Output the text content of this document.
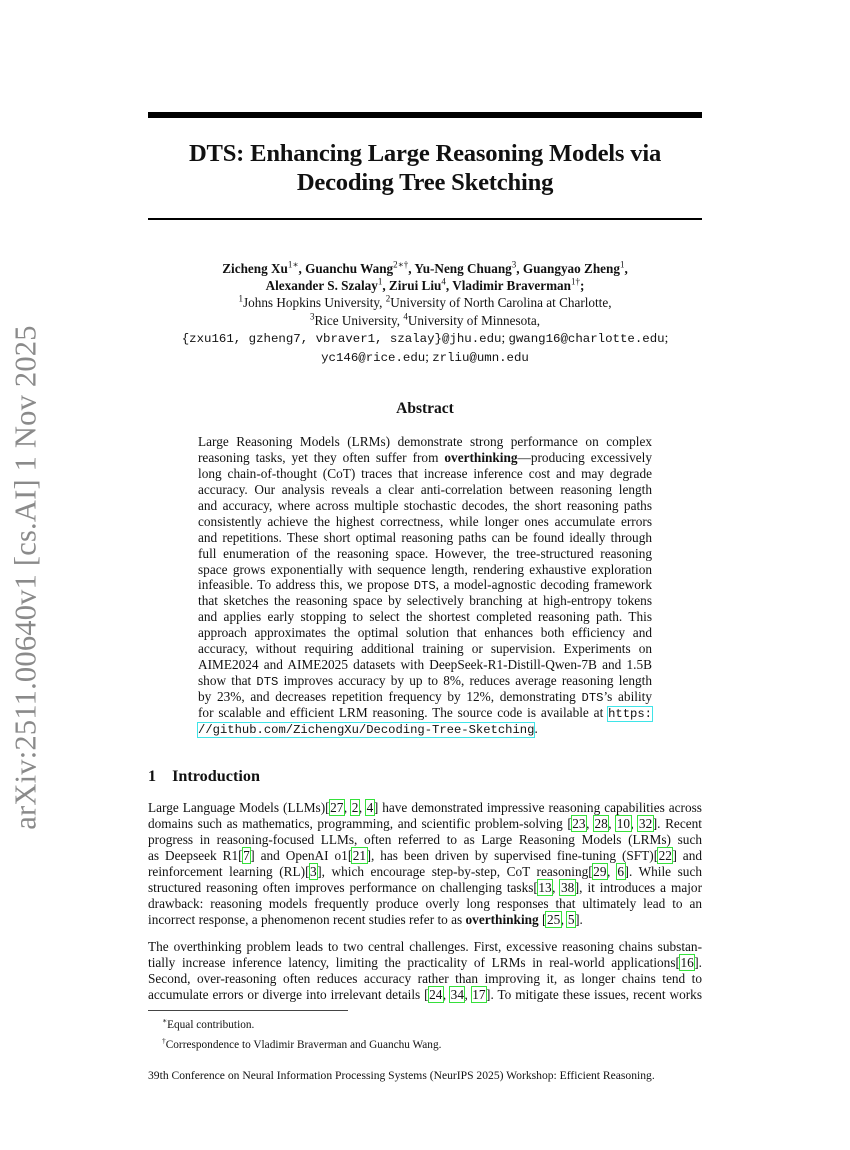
arXiv:2511.00640v1 [cs.AI] 1 Nov 2025
DTS: Enhancing Large Reasoning Models via
Decoding Tree Sketching
Zicheng $Xu^{1∗}$, Guanchu Wang$^{2∗\dagger}$, Yu-Neng Chuang$^3$, Guangyao Zheng$^1$,
Alexander S. Szalay$^1$, Zirui Liu$^4$, Vladimir Braverman$^{1\dagger}$;
$^1$Johns Hopkins University, $^2$University of North Carolina at Charlotte,
$^3$Rice University, $^4$University of Minnesota,
{zxu161, gzheng7, vbraver1, szalay}@jhu.edu; gwang16@charlotte.edu;
yc146@rice.edu; zrliu@umn.edu
Abstract
Large Reasoning Models (LRMs) demonstrate strong performance on complex
reasoning tasks, yet they often suffer from overthinking—producing excessively
long chain-of-thought (CoT) traces that increase inference cost and may degrade
accuracy. Our analysis reveals a clear anti-correlation between reasoning length
and accuracy, where across multiple stochastic decodes, the short reasoning paths
consistently achieve the highest correctness, while longer ones accumulate errors
and repetitions. These short optimal reasoning paths can be found ideally through
full enumeration of the reasoning space. However, the tree-structured reasoning
space grows exponentially with sequence length, rendering exhaustive exploration
infeasible. To address this, we propose DTS, a model-agnostic decoding framework
that sketches the reasoning space by selectively branching at high-entropy tokens
and applies early stopping to select the shortest completed reasoning path. This
approach approximates the optimal solution that enhances both efficiency and
accuracy, without requiring additional training or supervision. Experiments on
AIME2024 and AIME2025 datasets with DeepSeek-R1-Distill-Qwen-7B and 1.5B
show that DTS improves accuracy by up to 8%, reduces average reasoning length
by 23%, and decreases repetition frequency by 12%, demonstrating DTS’s ability
for scalable and efficient LRM reasoning. The source code is available at https:
//github.com/ZichengXu/Decoding-Tree-Sketching.
1 Introduction
Large Language Models (LLMs)[27, 2, 4] have demonstrated impressive reasoning capabilities across
domains such as mathematics, programming, and scientific problem-solving [23, 28, 10, 32]. Recent
progress in reasoning-focused LLMs, often referred to as Large Reasoning Models (LRMs) such
as Deepseek R1[7] and OpenAI o1[21], has been driven by supervised fine-tuning (SFT)[22] and
reinforcement learning (RL)[3], which encourage step-by-step, CoT reasoning[29, 6]. While such
structured reasoning often improves performance on challenging tasks[13, 38], it introduces a major
drawback: reasoning models frequently produce overly long responses that ultimately lead to an
incorrect response, a phenomenon recent studies refer to as overthinking [25, 5].
The overthinking problem leads to two central challenges. First, excessive reasoning chains substan-
tially increase inference latency, limiting the practicality of LRMs in real-world applications[16].
Second, over-reasoning often reduces accuracy rather than improving it, as longer chains tend to
accumulate errors or diverge into irrelevant details [24, 34, 17]. To mitigate these issues, recent works
∗Equal contribution.
†Correspondence to Vladimir Braverman and Guanchu Wang.
39th Conference on Neural Information Processing Systems (NeurIPS 2025) Workshop: Efficient Reasoning.
